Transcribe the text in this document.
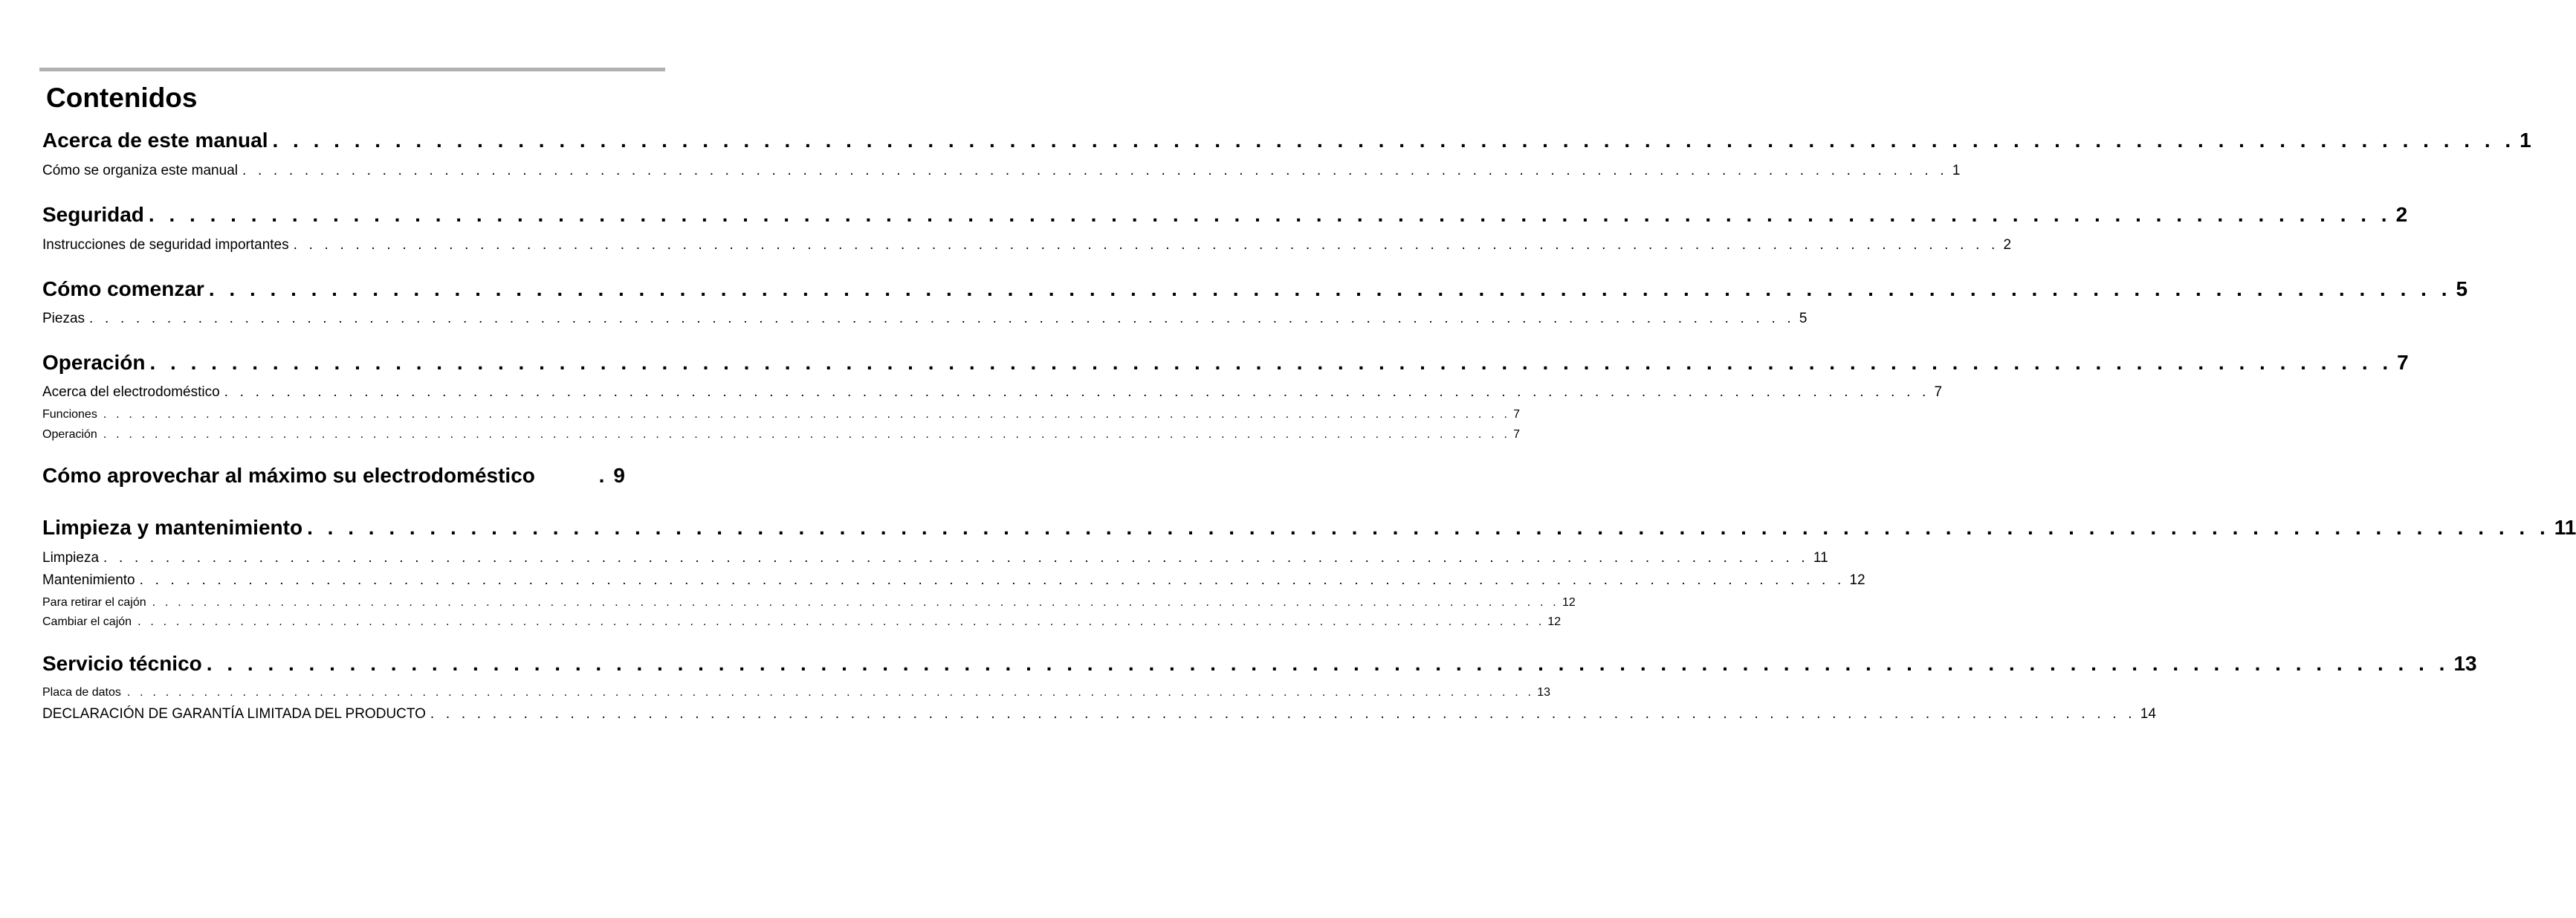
Contenidos
Acerca de este manual . . . . . . . . . . . . . . . . . . . . . . . . . . . . . . . . . . . . . . . . . . . . . . . . . . . . . . . . . . . . . . . . . . . . . . . . . . . . . . . . . . . . . . . . . . . . . . . . . . . . . . . . . . . . . . 1
Cómo se organiza este manual . . . . . . . . . . . . . . . . . . . . . . . . . . . . . . . . . . . . . . . . . . . . . . . . . . . . . . . . . . . . . . . . . . . . . . . . . . . . . . . . . . . . . . . . . . . . . . . . . . . . . . . . . . . . . . 1
Seguridad . . . . . . . . . . . . . . . . . . . . . . . . . . . . . . . . . . . . . . . . . . . . . . . . . . . . . . . . . . . . . . . . . . . . . . . . . . . . . . . . . . . . . . . . . . . . . . . . . . . . . . . . . . . . . . 2
Instrucciones de seguridad importantes . . . . . . . . . . . . . . . . . . . . . . . . . . . . . . . . . . . . . . . . . . . . . . . . . . . . . . . . . . . . . . . . . . . . . . . . . . . . . . . . . . . . . . . . . . . . . . . . . . . . . . . . . . . . . . 2
Cómo comenzar . . . . . . . . . . . . . . . . . . . . . . . . . . . . . . . . . . . . . . . . . . . . . . . . . . . . . . . . . . . . . . . . . . . . . . . . . . . . . . . . . . . . . . . . . . . . . . . . . . . . . . . . . . . . . . 5
Piezas . . . . . . . . . . . . . . . . . . . . . . . . . . . . . . . . . . . . . . . . . . . . . . . . . . . . . . . . . . . . . . . . . . . . . . . . . . . . . . . . . . . . . . . . . . . . . . . . . . . . . . . . . . . . . . 5
Operación . . . . . . . . . . . . . . . . . . . . . . . . . . . . . . . . . . . . . . . . . . . . . . . . . . . . . . . . . . . . . . . . . . . . . . . . . . . . . . . . . . . . . . . . . . . . . . . . . . . . . . . . . . . . . . 7
Acerca del electrodoméstico . . . . . . . . . . . . . . . . . . . . . . . . . . . . . . . . . . . . . . . . . . . . . . . . . . . . . . . . . . . . . . . . . . . . . . . . . . . . . . . . . . . . . . . . . . . . . . . . . . . . . . . . . . . . . . 7
Funciones . . . . . . . . . . . . . . . . . . . . . . . . . . . . . . . . . . . . . . . . . . . . . . . . . . . . . . . . . . . . . . . . . . . . . . . . . . . . . . . . . . . . . . . . . . . . . . . . . . . . . . . . . . . . . . 7
Operación . . . . . . . . . . . . . . . . . . . . . . . . . . . . . . . . . . . . . . . . . . . . . . . . . . . . . . . . . . . . . . . . . . . . . . . . . . . . . . . . . . . . . . . . . . . . . . . . . . . . . . . . . . . . . . 7
Cómo aprovechar al máximo su electrodoméstico	. 9
Limpieza y mantenimiento . . . . . . . . . . . . . . . . . . . . . . . . . . . . . . . . . . . . . . . . . . . . . . . . . . . . . . . . . . . . . . . . . . . . . . . . . . . . . . . . . . . . . . . . . . . . . . . . . . . . . . . . . . . . . . 11
Limpieza . . . . . . . . . . . . . . . . . . . . . . . . . . . . . . . . . . . . . . . . . . . . . . . . . . . . . . . . . . . . . . . . . . . . . . . . . . . . . . . . . . . . . . . . . . . . . . . . . . . . . . . . . . . . . . 11
Mantenimiento . . . . . . . . . . . . . . . . . . . . . . . . . . . . . . . . . . . . . . . . . . . . . . . . . . . . . . . . . . . . . . . . . . . . . . . . . . . . . . . . . . . . . . . . . . . . . . . . . . . . . . . . . . . . . . 12
Para retirar el cajón . . . . . . . . . . . . . . . . . . . . . . . . . . . . . . . . . . . . . . . . . . . . . . . . . . . . . . . . . . . . . . . . . . . . . . . . . . . . . . . . . . . . . . . . . . . . . . . . . . . . . . . . . . . . . . 12
Cambiar el cajón . . . . . . . . . . . . . . . . . . . . . . . . . . . . . . . . . . . . . . . . . . . . . . . . . . . . . . . . . . . . . . . . . . . . . . . . . . . . . . . . . . . . . . . . . . . . . . . . . . . . . . . . . . . . . . 12
Servicio técnico . . . . . . . . . . . . . . . . . . . . . . . . . . . . . . . . . . . . . . . . . . . . . . . . . . . . . . . . . . . . . . . . . . . . . . . . . . . . . . . . . . . . . . . . . . . . . . . . . . . . . . . . . . . . . . 13
Placa de datos . . . . . . . . . . . . . . . . . . . . . . . . . . . . . . . . . . . . . . . . . . . . . . . . . . . . . . . . . . . . . . . . . . . . . . . . . . . . . . . . . . . . . . . . . . . . . . . . . . . . . . . . . . . . . . 13
DECLARACIÓN DE GARANTÍA LIMITADA DEL PRODUCTO . . . . . . . . . . . . . . . . . . . . . . . . . . . . . . . . . . . . . . . . . . . . . . . . . . . . . . . . . . . . . . . . . . . . . . . . . . . . . . . . . . . . . . . . . . . . . . . . . . . . . . . . . . . . . . 14
